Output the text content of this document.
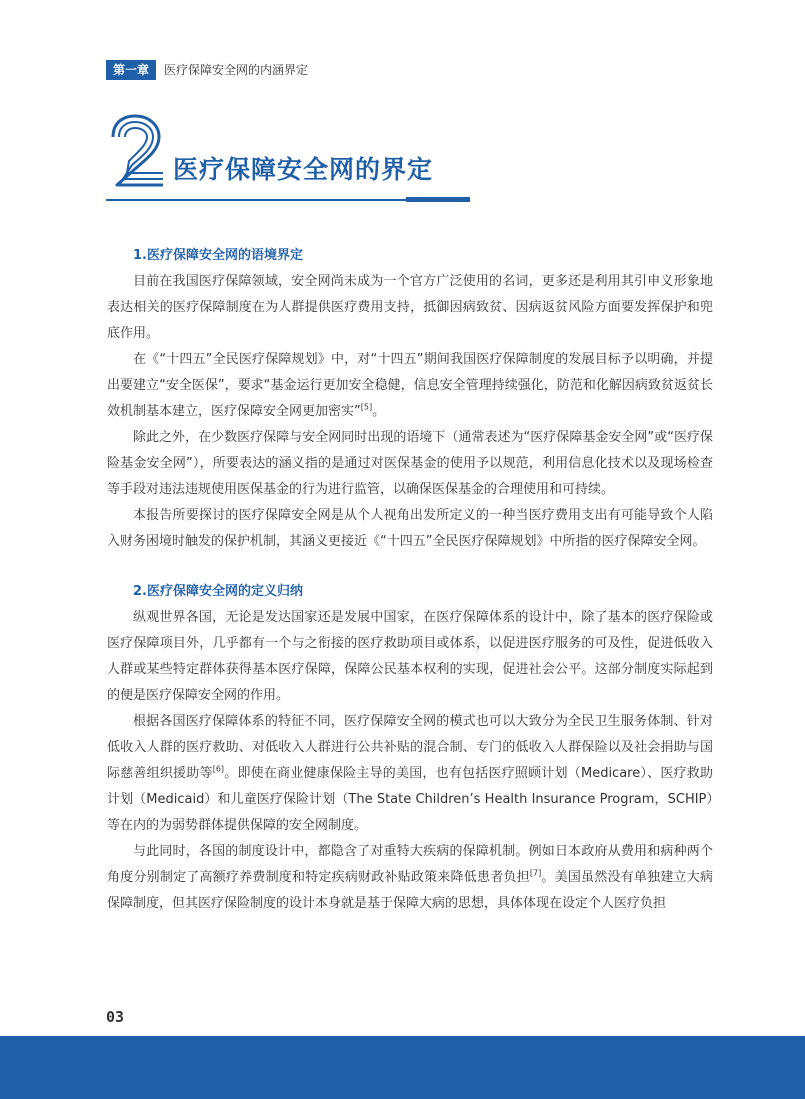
第一章	医疗保障安全网的内涵界定
医疗保障安全网的界定
1.医疗保障安全网的语境界定

目前在我国医疗保障领域，安全网尚未成为一个官方广泛使用的名词，更多还是利用其引申义形象地表达相关的医疗保障制度在为人群提供医疗费用支持，抵御因病致贫、因病返贫风险方面要发挥保护和兜底作用。

在《“十四五”全民医疗保障规划》中，对“十四五”期间我国医疗保障制度的发展目标予以明确，并提出要建立“安全医保”，要求“基金运行更加安全稳健，信息安全管理持续强化，防范和化解因病致贫返贫长效机制基本建立，医疗保障安全网更加密实”[5]。

除此之外，在少数医疗保障与安全网同时出现的语境下（通常表述为“医疗保障基金安全网”或“医疗保险基金安全网”），所要表达的涵义指的是通过对医保基金的使用予以规范，利用信息化技术以及现场检查等手段对违法违规使用医保基金的行为进行监管，以确保医保基金的合理使用和可持续。

本报告所要探讨的医疗保障安全网是从个人视角出发所定义的一种当医疗费用支出有可能导致个人陷入财务困境时触发的保护机制，其涵义更接近《“十四五”全民医疗保障规划》中所指的医疗保障安全网。

2.医疗保障安全网的定义归纳

纵观世界各国，无论是发达国家还是发展中国家，在医疗保障体系的设计中，除了基本的医疗保险或医疗保障项目外，几乎都有一个与之衔接的医疗救助项目或体系，以促进医疗服务的可及性，促进低收入人群或某些特定群体获得基本医疗保障，保障公民基本权利的实现，促进社会公平。这部分制度实际起到的便是医疗保障安全网的作用。

根据各国医疗保障体系的特征不同，医疗保障安全网的模式也可以大致分为全民卫生服务体制、针对低收入人群的医疗救助、对低收入人群进行公共补贴的混合制、专门的低收入人群保险以及社会捐助与国际慈善组织援助等[6]。即使在商业健康保险主导的美国，也有包括医疗照顾计划（Medicare）、医疗救助计划（Medicaid）和儿童医疗保险计划（The State Children’s Health Insurance Program，SCHIP）等在内的为弱势群体提供保障的安全网制度。

与此同时，各国的制度设计中，都隐含了对重特大疾病的保障机制。例如日本政府从费用和病种两个角度分别制定了高额疗养费制度和特定疾病财政补贴政策来降低患者负担[7]。美国虽然没有单独建立大病保障制度，但其医疗保险制度的设计本身就是基于保障大病的思想，具体体现在设定个人医疗负担

03
